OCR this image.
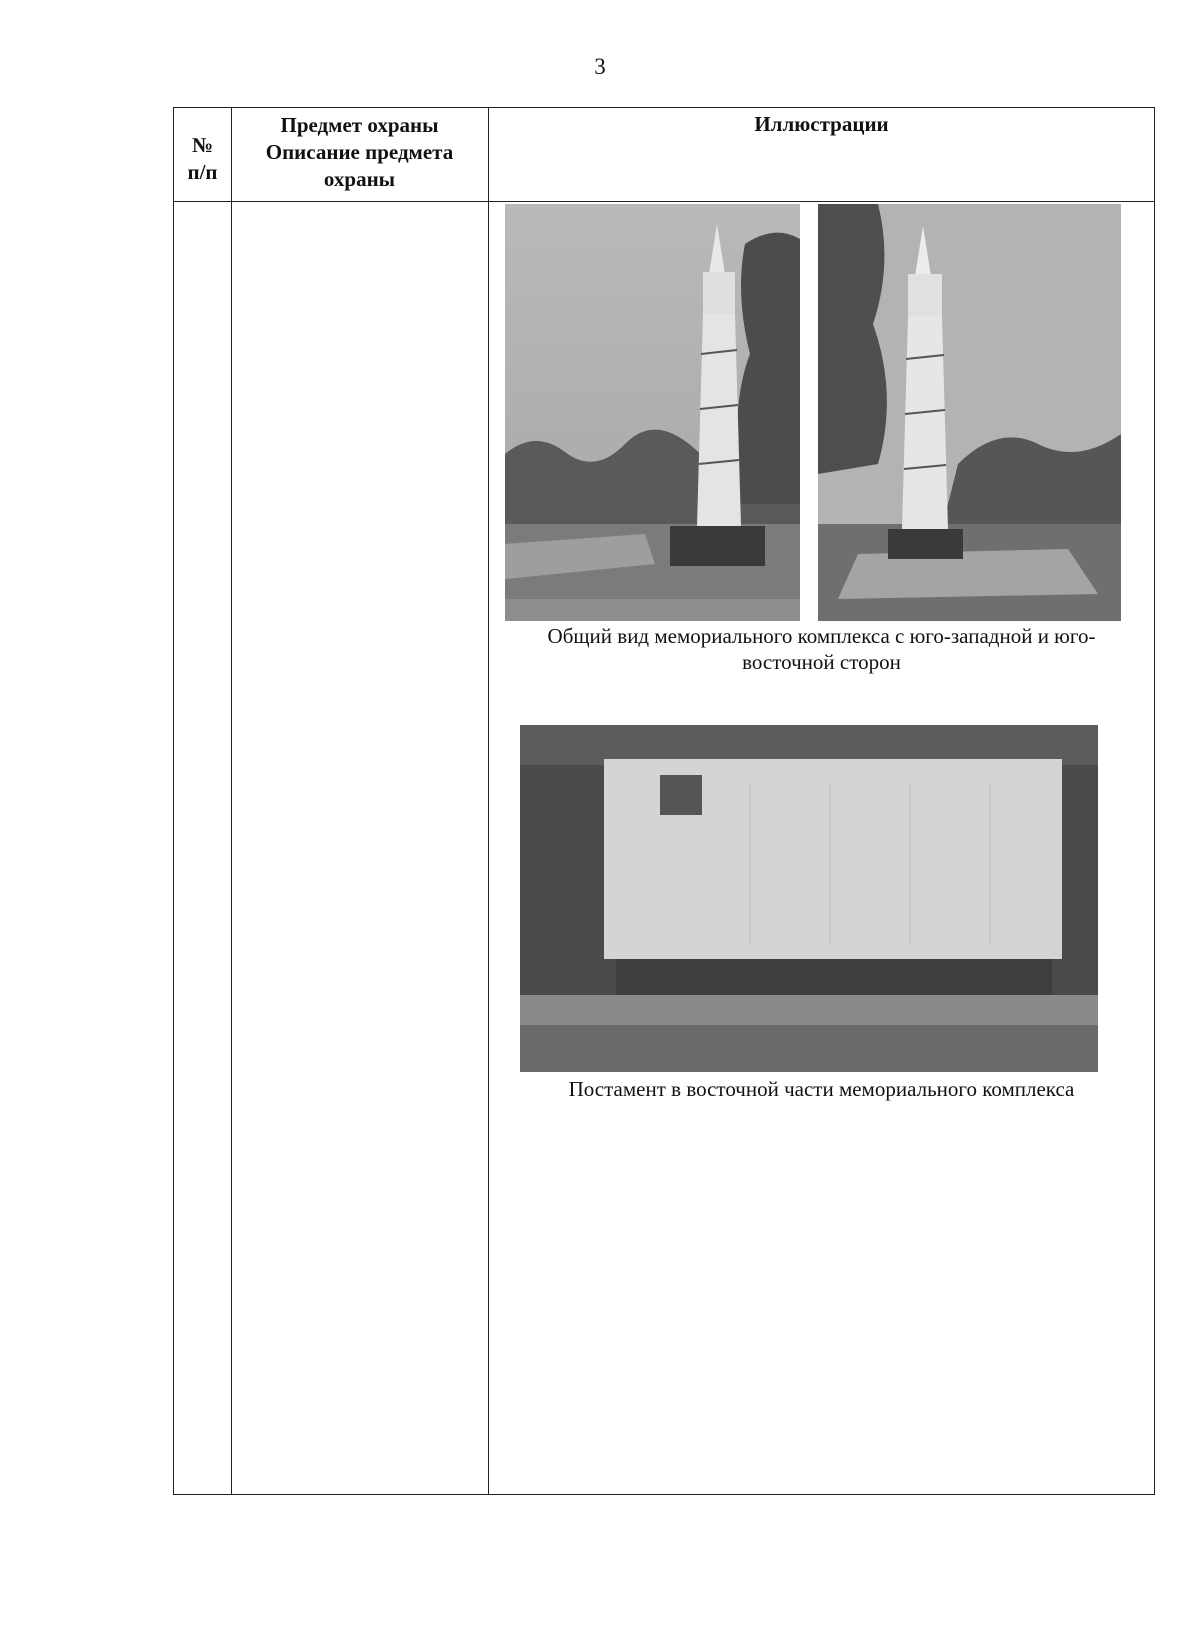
3
№
п/п
Предмет охраны
Описание предмета
охраны
Иллюстрации
Общий вид мемориального комплекса с юго-западной и юго-
восточной сторон
Постамент в восточной части мемориального комплекса
